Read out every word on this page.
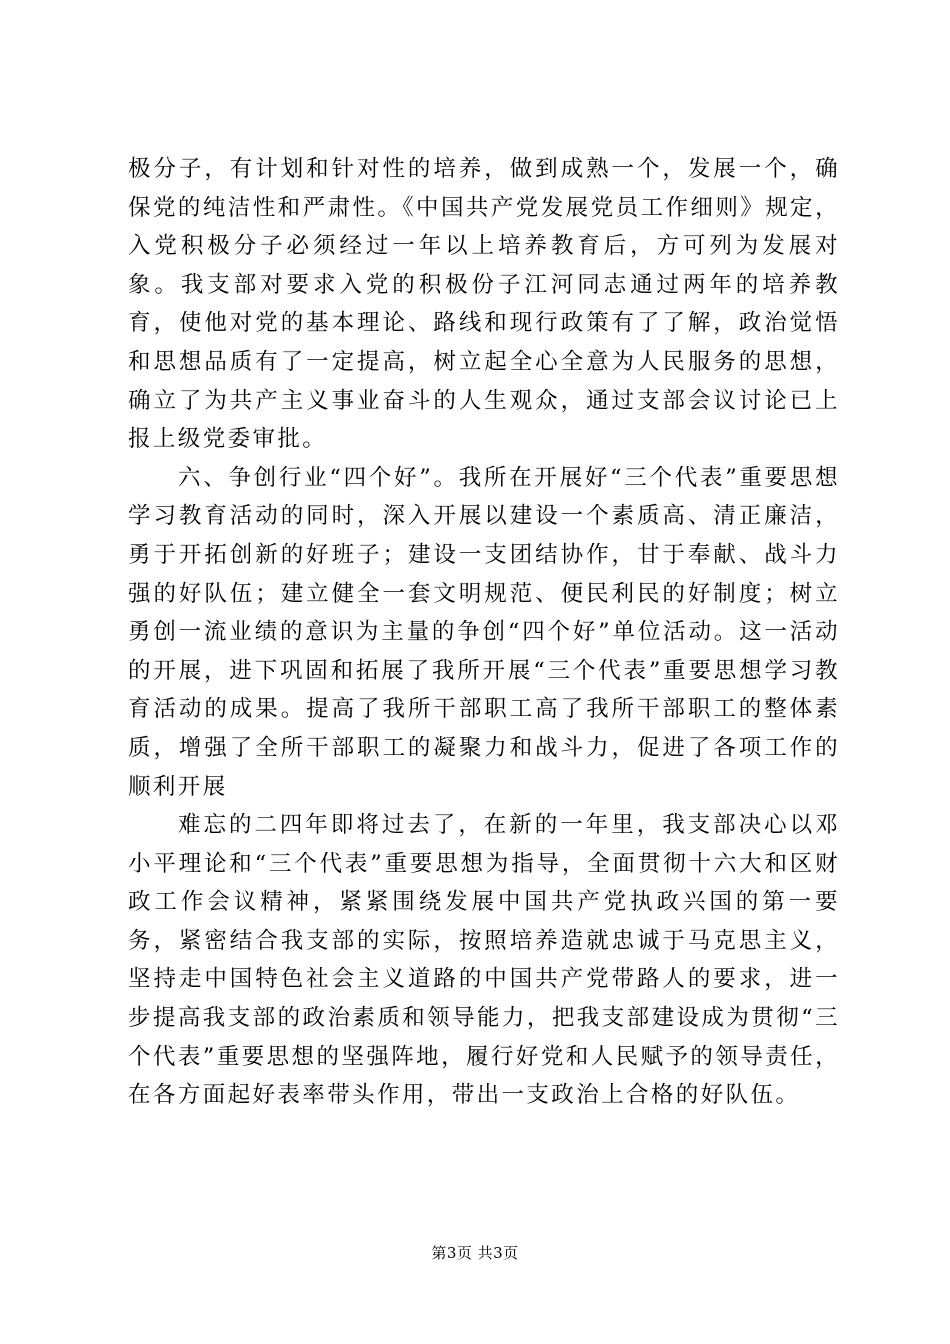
极分子，有计划和针对性的培养，做到成熟一个，发展一个，确保党的纯洁性和严肃性。《中国共产党发展党员工作细则》规定，入党积极分子必须经过一年以上培养教育后，方可列为发展对象。我支部对要求入党的积极份子江河同志通过两年的培养教育，使他对党的基本理论、路线和现行政策有了了解，政治觉悟和思想品质有了一定提高，树立起全心全意为人民服务的思想，确立了为共产主义事业奋斗的人生观众，通过支部会议讨论已上报上级党委审批。

六、争创行业“四个好”。我所在开展好“三个代表”重要思想学习教育活动的同时，深入开展以建设一个素质高、清正廉洁，勇于开拓创新的好班子；建设一支团结协作，甘于奉献、战斗力强的好队伍；建立健全一套文明规范、便民利民的好制度；树立勇创一流业绩的意识为主量的争创“四个好”单位活动。这一活动的开展，进下巩固和拓展了我所开展“三个代表”重要思想学习教育活动的成果。提高了我所干部职工高了我所干部职工的整体素质，增强了全所干部职工的凝聚力和战斗力，促进了各项工作的顺利开展

难忘的二四年即将过去了，在新的一年里，我支部决心以邓小平理论和“三个代表”重要思想为指导，全面贯彻十六大和区财政工作会议精神，紧紧围绕发展中国共产党执政兴国的第一要务，紧密结合我支部的实际，按照培养造就忠诚于马克思主义，坚持走中国特色社会主义道路的中国共产党带路人的要求，进一步提高我支部的政治素质和领导能力，把我支部建设成为贯彻“三个代表”重要思想的坚强阵地，履行好党和人民赋予的领导责任，在各方面起好表率带头作用，带出一支政治上合格的好队伍。

第3页 共3页
